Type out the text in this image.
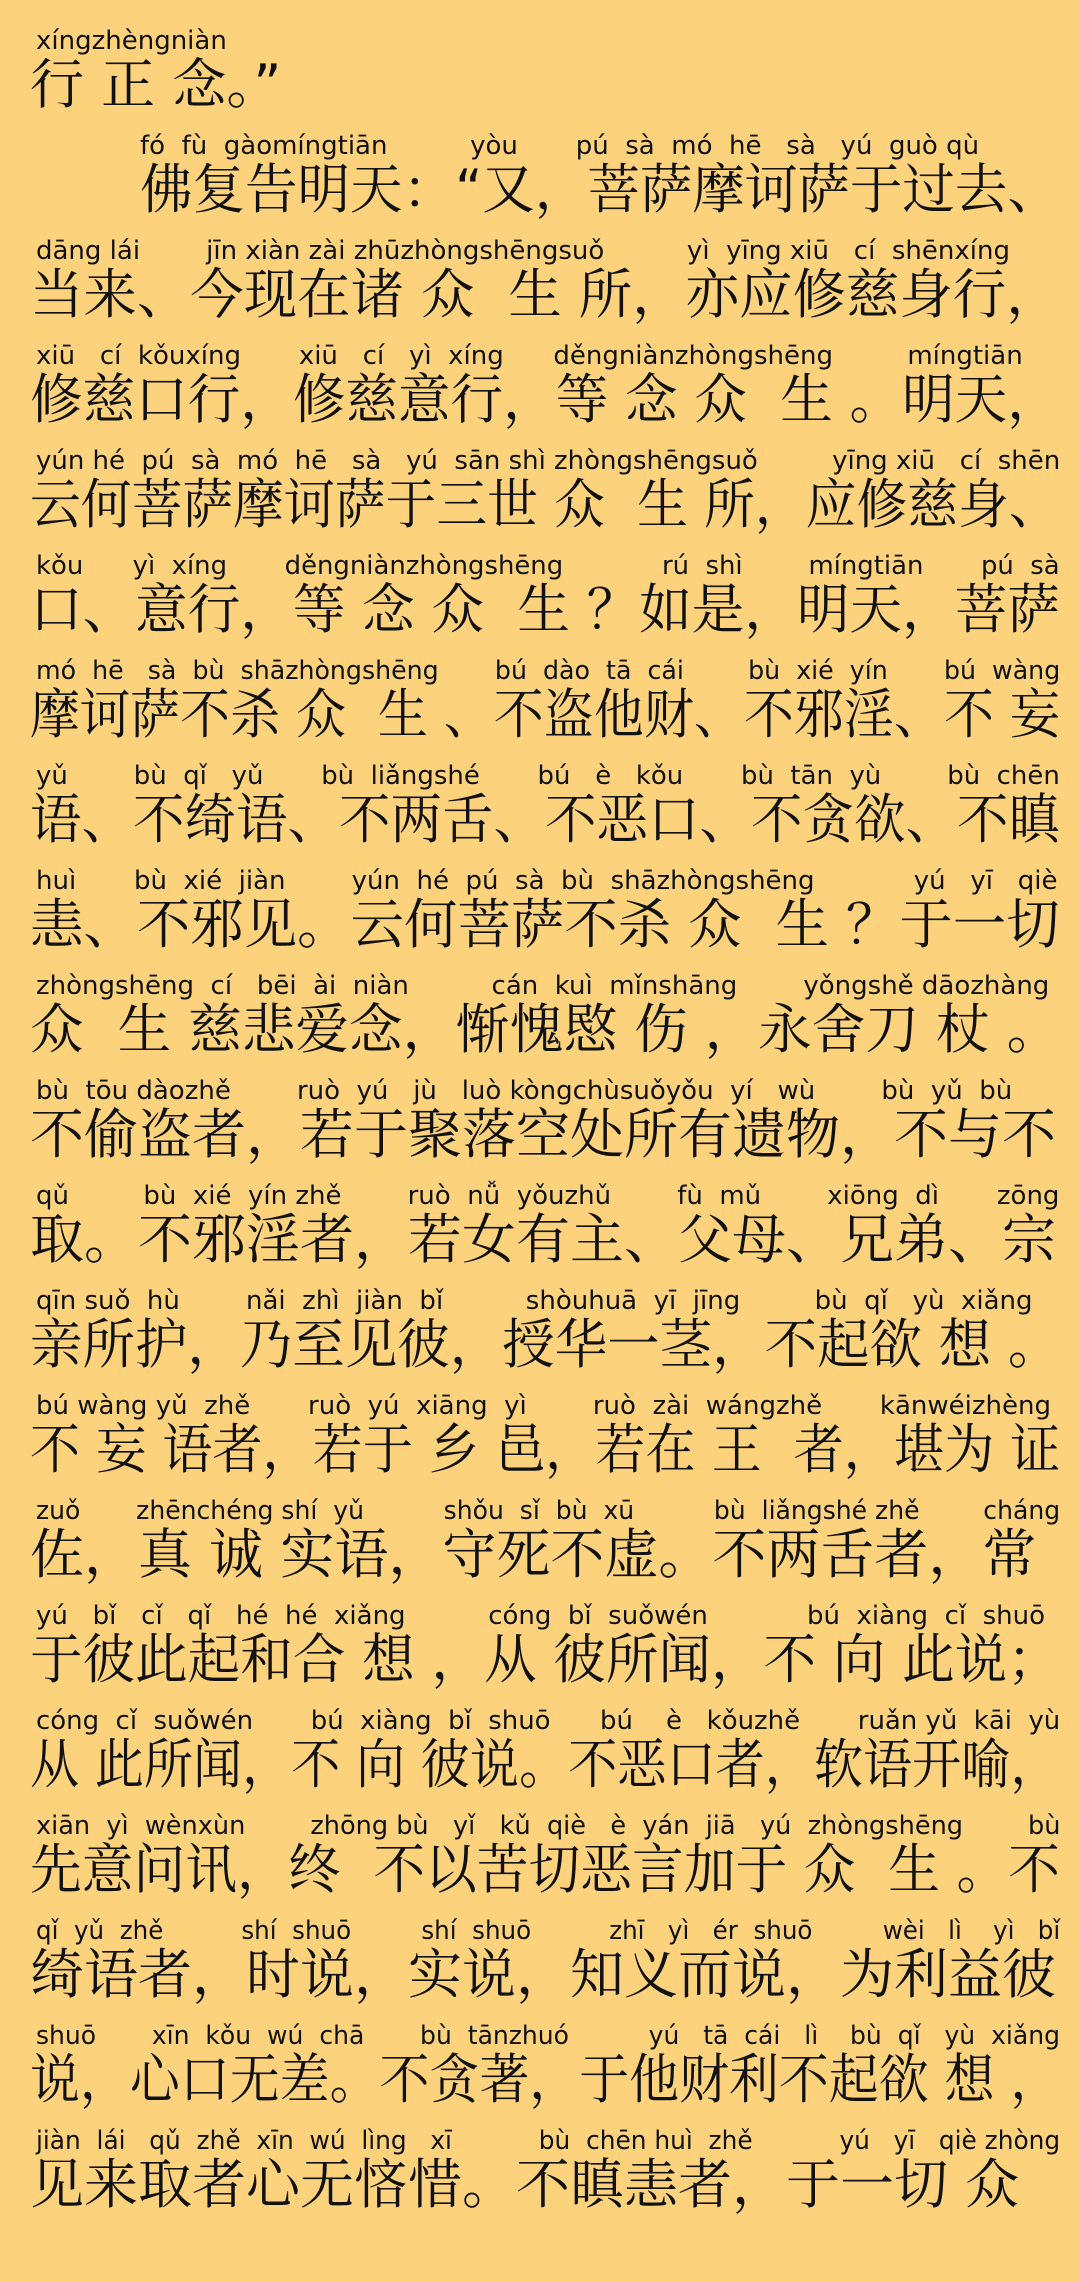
xíngzhèngniàn
行 正 念。”
fó  fù  gàomíngtiān          yòu       pú  sà  mó  hē   sà   yú  guò qù
佛复告明天：“又，菩萨摩诃萨于过去、
dāng lái        jīn xiàn zài zhūzhòngshēngsuǒ          yì  yīng xiū   cí  shēnxíng
当来、今现在诸 众  生 所，亦应修慈身行，
xiū   cí  kǒuxíng       xiū   cí   yì  xíng      děngniànzhòngshēng         míngtiān
修慈口行，修慈意行，等 念 众  生 。明天，
yún hé  pú  sà  mó  hē   sà   yú  sān shì zhòngshēngsuǒ         yīng xiū   cí  shēn
云何菩萨摩诃萨于三世 众  生 所，应修慈身、
kǒu      yì  xíng       děngniànzhòngshēng            rú  shì        míngtiān       pú  sà
口、意行，等 念 众  生 ？如是，明天，菩萨
mó  hē   sà  bù  shāzhòngshēng       bú  dào  tā  cái        bù  xié  yín       bú  wàng
摩诃萨不杀 众  生 、不盗他财、不邪淫、不 妄
yǔ        bù  qǐ   yǔ       bù  liǎngshé       bú   è   kǒu       bù  tān  yù        bù  chēn
语、不绮语、不两舌、不恶口、不贪欲、不瞋
huì       bù  xié  jiàn        yún  hé  pú  sà  bù  shāzhòngshēng            yú   yī   qiè
恚、不邪见。云何菩萨不杀 众  生 ？于一切
zhòngshēng  cí   bēi  ài  niàn          cán  kuì  mǐnshāng        yǒngshě dāozhàng
众  生 慈悲爱念，惭愧愍 伤 ，永舍刀 杖 。
bù  tōu dàozhě        ruò  yú   jù   luò kòngchùsuǒyǒu  yí   wù        bù  yǔ  bù
不偷盗者，若于聚落空处所有遗物，不与不
qǔ         bù  xié  yín zhě        ruò  nǚ  yǒuzhǔ        fù  mǔ        xiōng  dì       zōng
取。不邪淫者，若女有主、父母、兄弟、宗
qīn suǒ  hù        nǎi  zhì  jiàn  bǐ          shòuhuā  yī  jīng         bù  qǐ   yù  xiǎng
亲所护，乃至见彼，授华一茎，不起欲 想 。
bú wàng yǔ  zhě       ruò  yú  xiāng  yì        ruò  zài  wángzhě       kānwéizhèng
不 妄 语者，若于 乡 邑，若在 王  者，堪为 证
zuǒ       zhēnchéng shí  yǔ          shǒu  sǐ  bù  xū          bù  liǎngshé zhě        cháng
佐，真 诚 实语，守死不虚。不两舌者，常
yú   bǐ   cǐ   qǐ   hé  hé  xiǎng          cóng  bǐ  suǒwén            bú  xiàng  cǐ  shuō
于彼此起和合 想 ，从 彼所闻，不 向 此说；
cóng  cǐ  suǒwén       bú  xiàng  bǐ  shuō      bú    è   kǒuzhě       ruǎn yǔ  kāi  yù
从 此所闻，不 向 彼说。不恶口者，软语开喻，
xiān  yì  wènxùn        zhōng bù   yǐ   kǔ  qiè   è  yán  jiā   yú  zhòngshēng        bù
先意问讯，终  不以苦切恶言加于 众  生 。不
qǐ  yǔ  zhě          shí  shuō         shí  shuō          zhī   yì   ér  shuō         wèi   lì    yì   bǐ
绮语者，时说，实说，知义而说，为利益彼
shuō       xīn  kǒu  wú  chā       bù  tānzhuó          yú   tā  cái   lì    bù  qǐ   yù  xiǎng
说，心口无差。不贪著，于他财利不起欲 想 ，
jiàn  lái   qǔ  zhě  xīn  wú  lìng   xī           bù  chēn huì  zhě           yú   yī   qiè zhòng
见来取者心无悋惜。不瞋恚者，于一切 众
